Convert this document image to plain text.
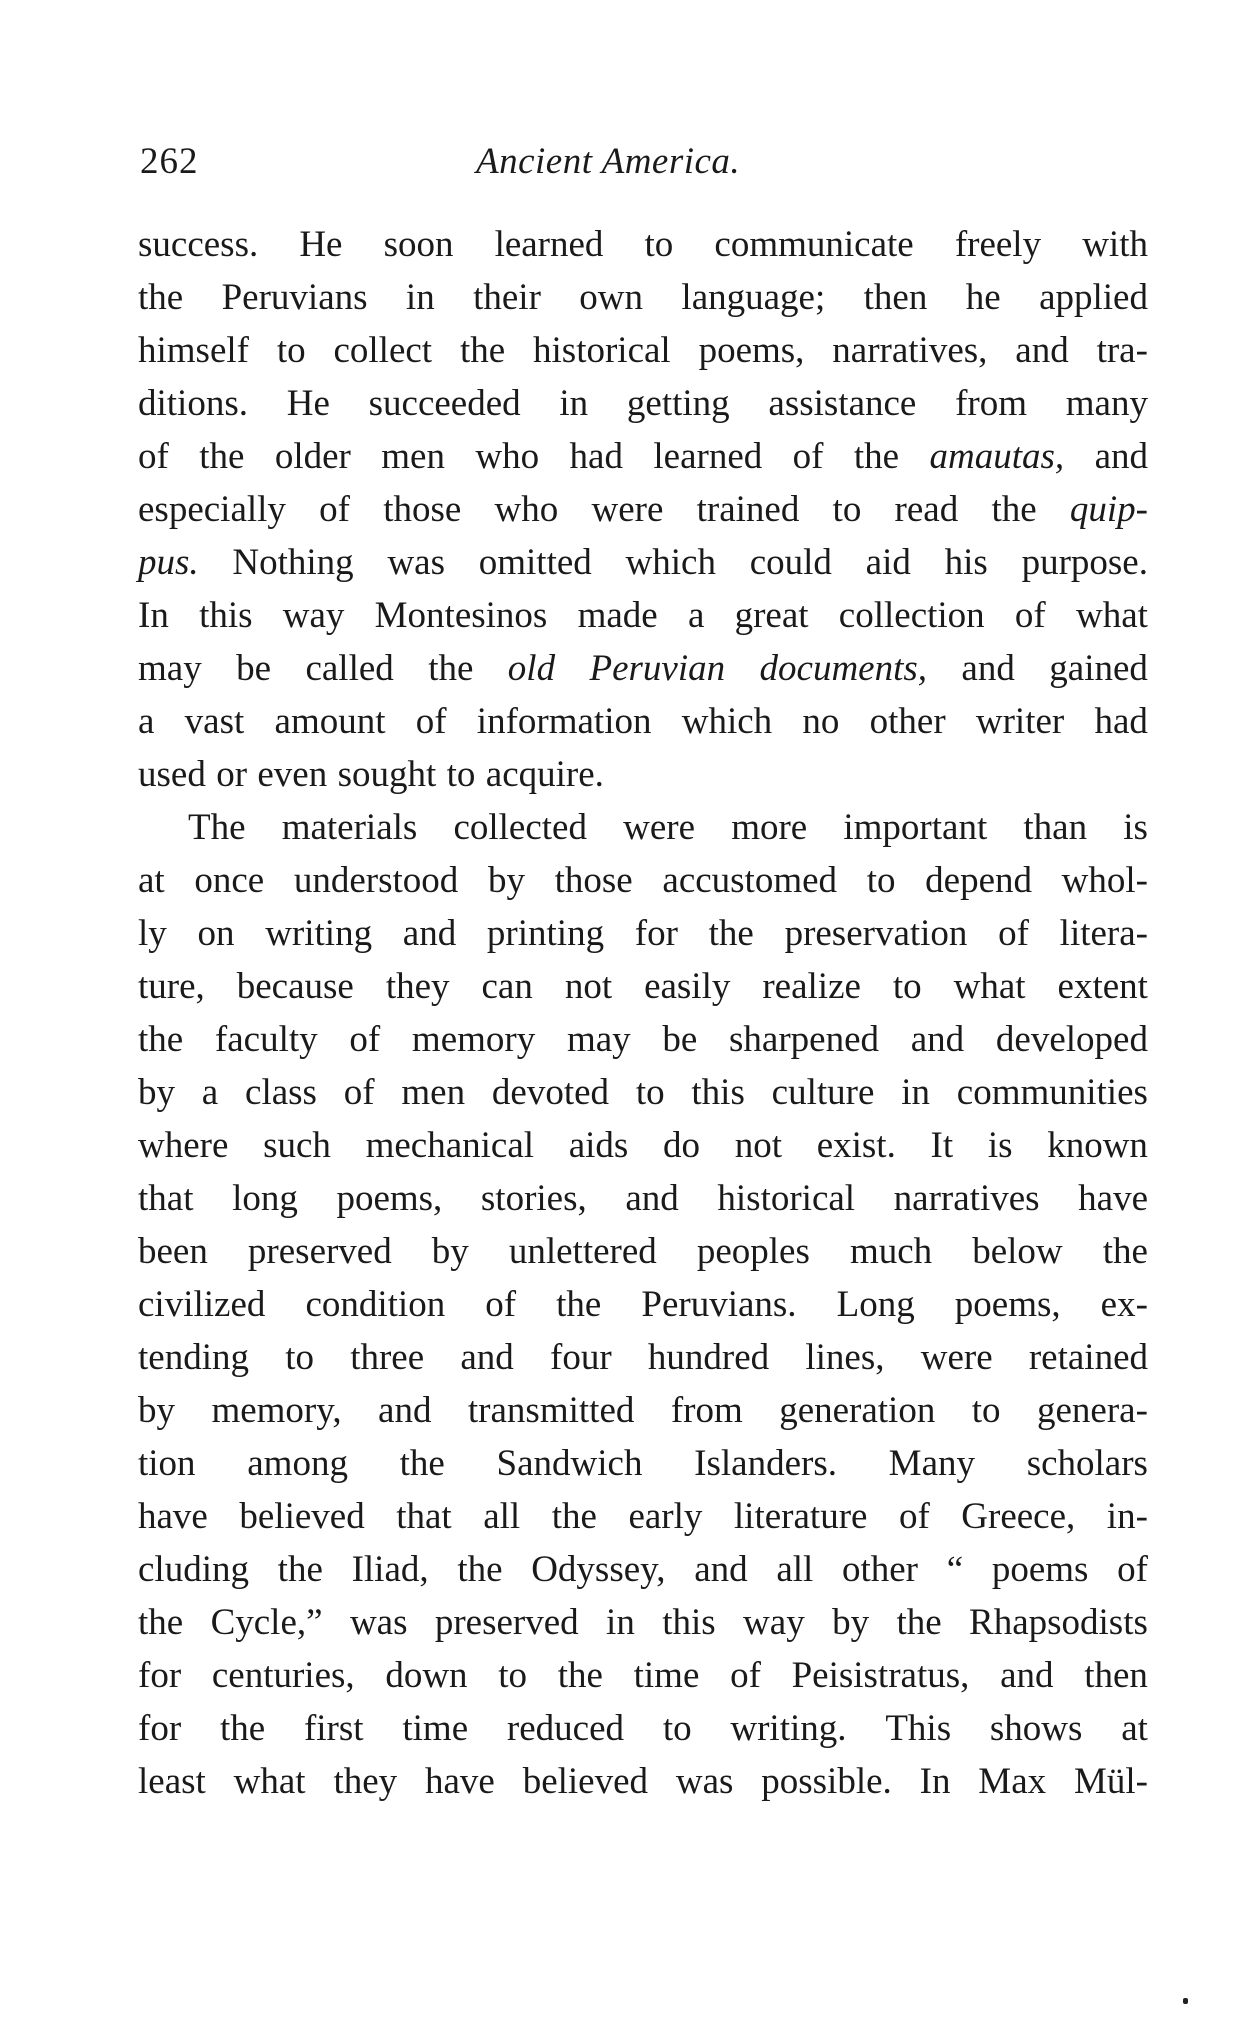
262	Ancient America.
success. He soon learned to communicate freely with
the Peruvians in their own language; then he applied
himself to collect the historical poems, narratives, and tra-
ditions. He succeeded in getting assistance from many
of the older men who had learned of the amautas, and
especially of those who were trained to read the quip-
pus. Nothing was omitted which could aid his purpose.
In this way Montesinos made a great collection of what
may be called the old Peruvian documents, and gained
a vast amount of information which no other writer had
used or even sought to acquire.
The materials collected were more important than is
at once understood by those accustomed to depend whol-
ly on writing and printing for the preservation of litera-
ture, because they can not easily realize to what extent
the faculty of memory may be sharpened and developed
by a class of men devoted to this culture in communities
where such mechanical aids do not exist. It is known
that long poems, stories, and historical narratives have
been preserved by unlettered peoples much below the
civilized condition of the Peruvians. Long poems, ex-
tending to three and four hundred lines, were retained
by memory, and transmitted from generation to genera-
tion among the Sandwich Islanders. Many scholars
have believed that all the early literature of Greece, in-
cluding the Iliad, the Odyssey, and all other “ poems of
the Cycle,” was preserved in this way by the Rhapsodists
for centuries, down to the time of Peisistratus, and then
for the first time reduced to writing. This shows at
least what they have believed was possible. In Max Mül-
